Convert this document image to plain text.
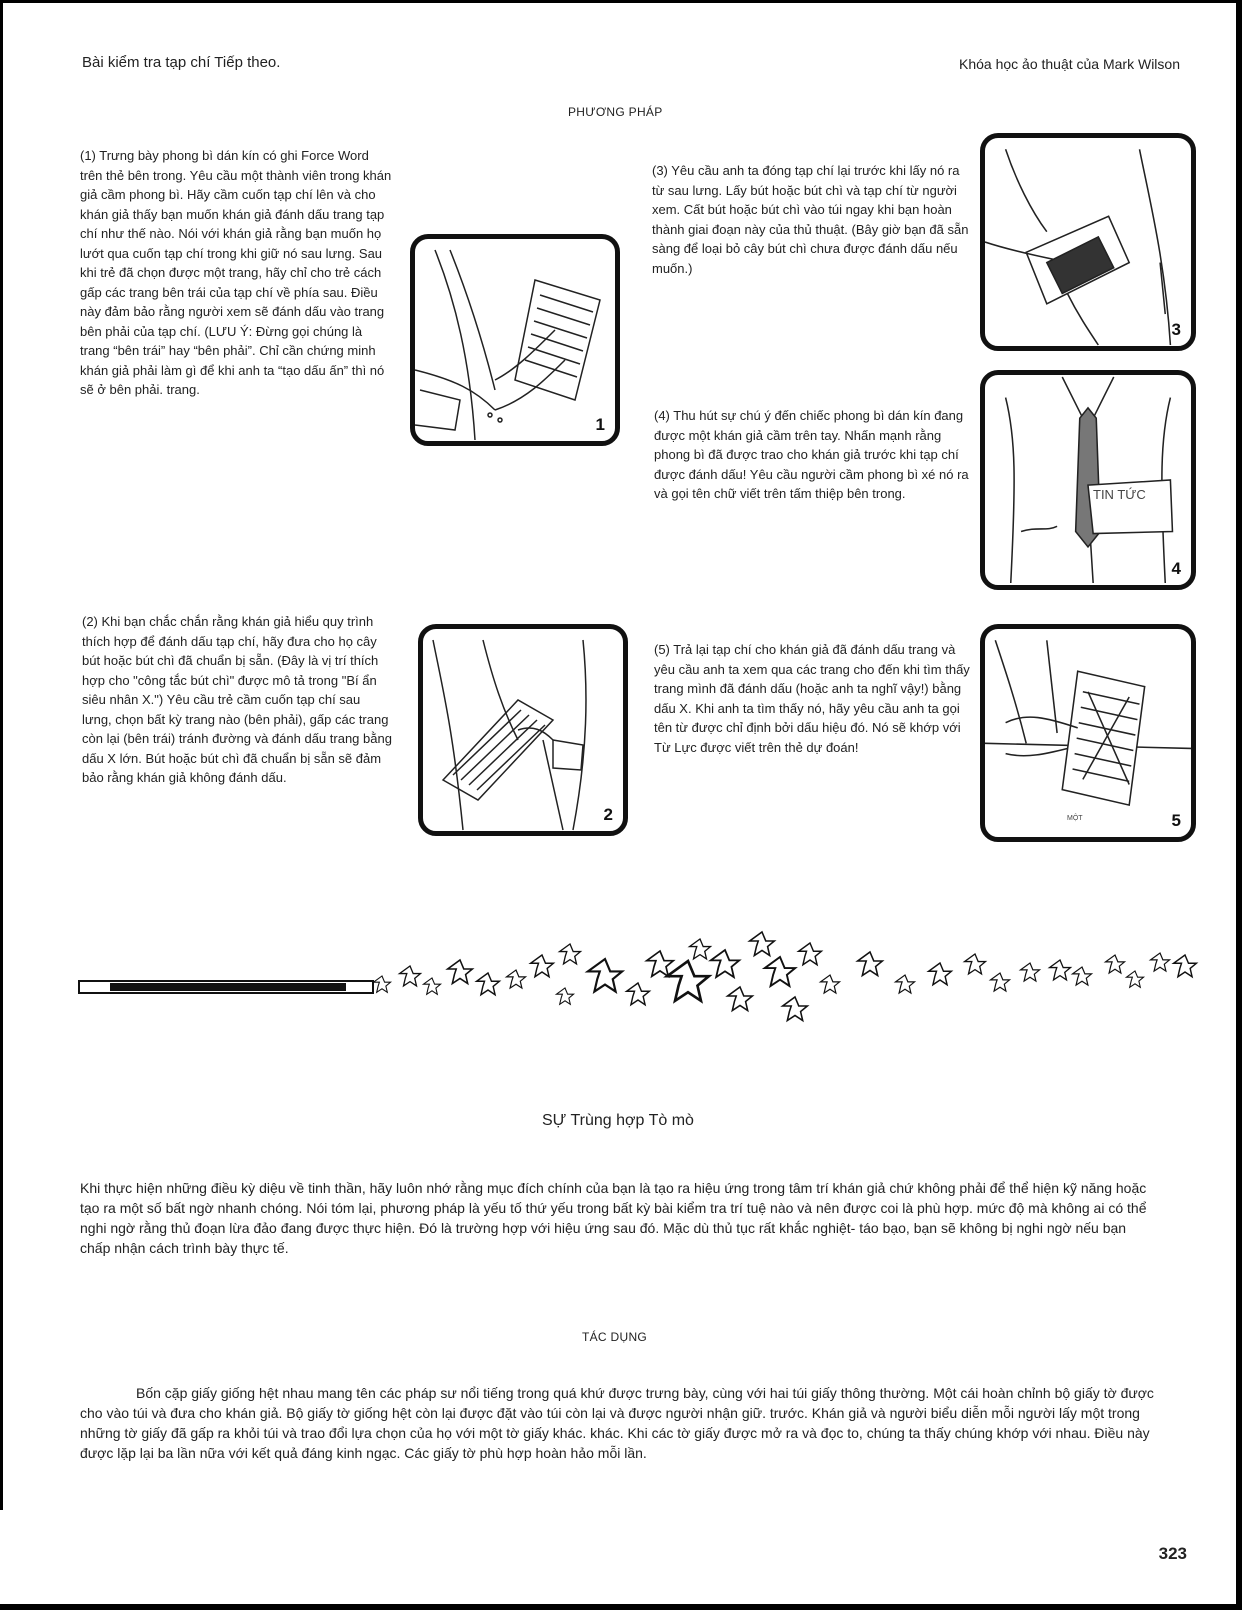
Bài kiểm tra tạp chí Tiếp theo.	Khóa học ảo thuật của Mark Wilson
PHƯƠNG PHÁP
(1) Trưng bày phong bì dán kín có ghi Force Word trên thẻ bên trong. Yêu cầu một thành viên trong khán giả cầm phong bì. Hãy cầm cuốn tạp chí lên và cho khán giả thấy bạn muốn khán giả đánh dấu trang tạp chí như thế nào. Nói với khán giả rằng bạn muốn họ lướt qua cuốn tạp chí trong khi giữ nó sau lưng. Sau khi trẻ đã chọn được một trang, hãy chỉ cho trẻ cách gấp các trang bên trái của tạp chí về phía sau. Điều này đảm bảo rằng người xem sẽ đánh dấu vào trang bên phải của tạp chí. (LƯU Ý: Đừng gọi chúng là trang “bên trái” hay “bên phải”. Chỉ cần chứng minh khán giả phải làm gì để khi anh ta “tạo dấu ấn” thì nó sẽ ở bên phải. trang.
1
(2) Khi bạn chắc chắn rằng khán giả hiểu quy trình thích hợp để đánh dấu tạp chí, hãy đưa cho họ cây bút hoặc bút chì đã chuẩn bị sẵn. (Đây là vị trí thích hợp cho "công tắc bút chì" được mô tả trong "Bí ẩn siêu nhân X.") Yêu cầu trẻ cầm cuốn tạp chí sau lưng, chọn bất kỳ trang nào (bên phải), gấp các trang còn lại (bên trái) tránh đường và đánh dấu trang bằng dấu X lớn. Bút hoặc bút chì đã chuẩn bị sẵn sẽ đảm bảo rằng khán giả không đánh dấu.
2
(3) Yêu cầu anh ta đóng tạp chí lại trước khi lấy nó ra từ sau lưng. Lấy bút hoặc bút chì và tạp chí từ người xem. Cất bút hoặc bút chì vào túi ngay khi bạn hoàn thành giai đoạn này của thủ thuật. (Bây giờ bạn đã sẵn sàng để loại bỏ cây bút chì chưa được đánh dấu nếu muốn.)
3
(4) Thu hút sự chú ý đến chiếc phong bì dán kín đang được một khán giả cầm trên tay. Nhấn mạnh rằng phong bì đã được trao cho khán giả trước khi tạp chí được đánh dấu! Yêu cầu người cầm phong bì xé nó ra và gọi tên chữ viết trên tấm thiệp bên trong.	TIN TỨC
4
(5) Trả lại tạp chí cho khán giả đã đánh dấu trang và yêu cầu anh ta xem qua các trang cho đến khi tìm thấy trang mình đã đánh dấu (hoặc anh ta nghĩ vậy!) bằng dấu X. Khi anh ta tìm thấy nó, hãy yêu cầu anh ta gọi tên từ được chỉ định bởi dấu hiệu đó. Nó sẽ khớp với Từ Lực được viết trên thẻ dự đoán!
MỘT	5
SỰ Trùng hợp Tò mò
Khi thực hiện những điều kỳ diệu về tinh thần, hãy luôn nhớ rằng mục đích chính của bạn là tạo ra hiệu ứng trong tâm trí khán giả chứ không phải để thể hiện kỹ năng hoặc tạo ra một số bất ngờ nhanh chóng. Nói tóm lại, phương pháp là yếu tố thứ yếu trong bất kỳ bài kiểm tra trí tuệ nào và nên được coi là phù hợp. mức độ mà không ai có thể nghi ngờ rằng thủ đoạn lừa đảo đang được thực hiện. Đó là trường hợp với hiệu ứng sau đó. Mặc dù thủ tục rất khắc nghiệt- táo bạo, bạn sẽ không bị nghi ngờ nếu bạn chấp nhận cách trình bày thực tế.
TÁC DỤNG
Bốn cặp giấy giống hệt nhau mang tên các pháp sư nổi tiếng trong quá khứ được trưng bày, cùng với hai túi giấy thông thường. Một cái hoàn chỉnh bộ giấy tờ được cho vào túi và đưa cho khán giả. Bộ giấy tờ giống hệt còn lại được đặt vào túi còn lại và được người nhận giữ. trước. Khán giả và người biểu diễn mỗi người lấy một trong những tờ giấy đã gấp ra khỏi túi và trao đổi lựa chọn của họ với một tờ giấy khác. khác. Khi các tờ giấy được mở ra và đọc to, chúng ta thấy chúng khớp với nhau. Điều này được lặp lại ba lần nữa với kết quả đáng kinh ngạc. Các giấy tờ phù hợp hoàn hảo mỗi lần.
323
